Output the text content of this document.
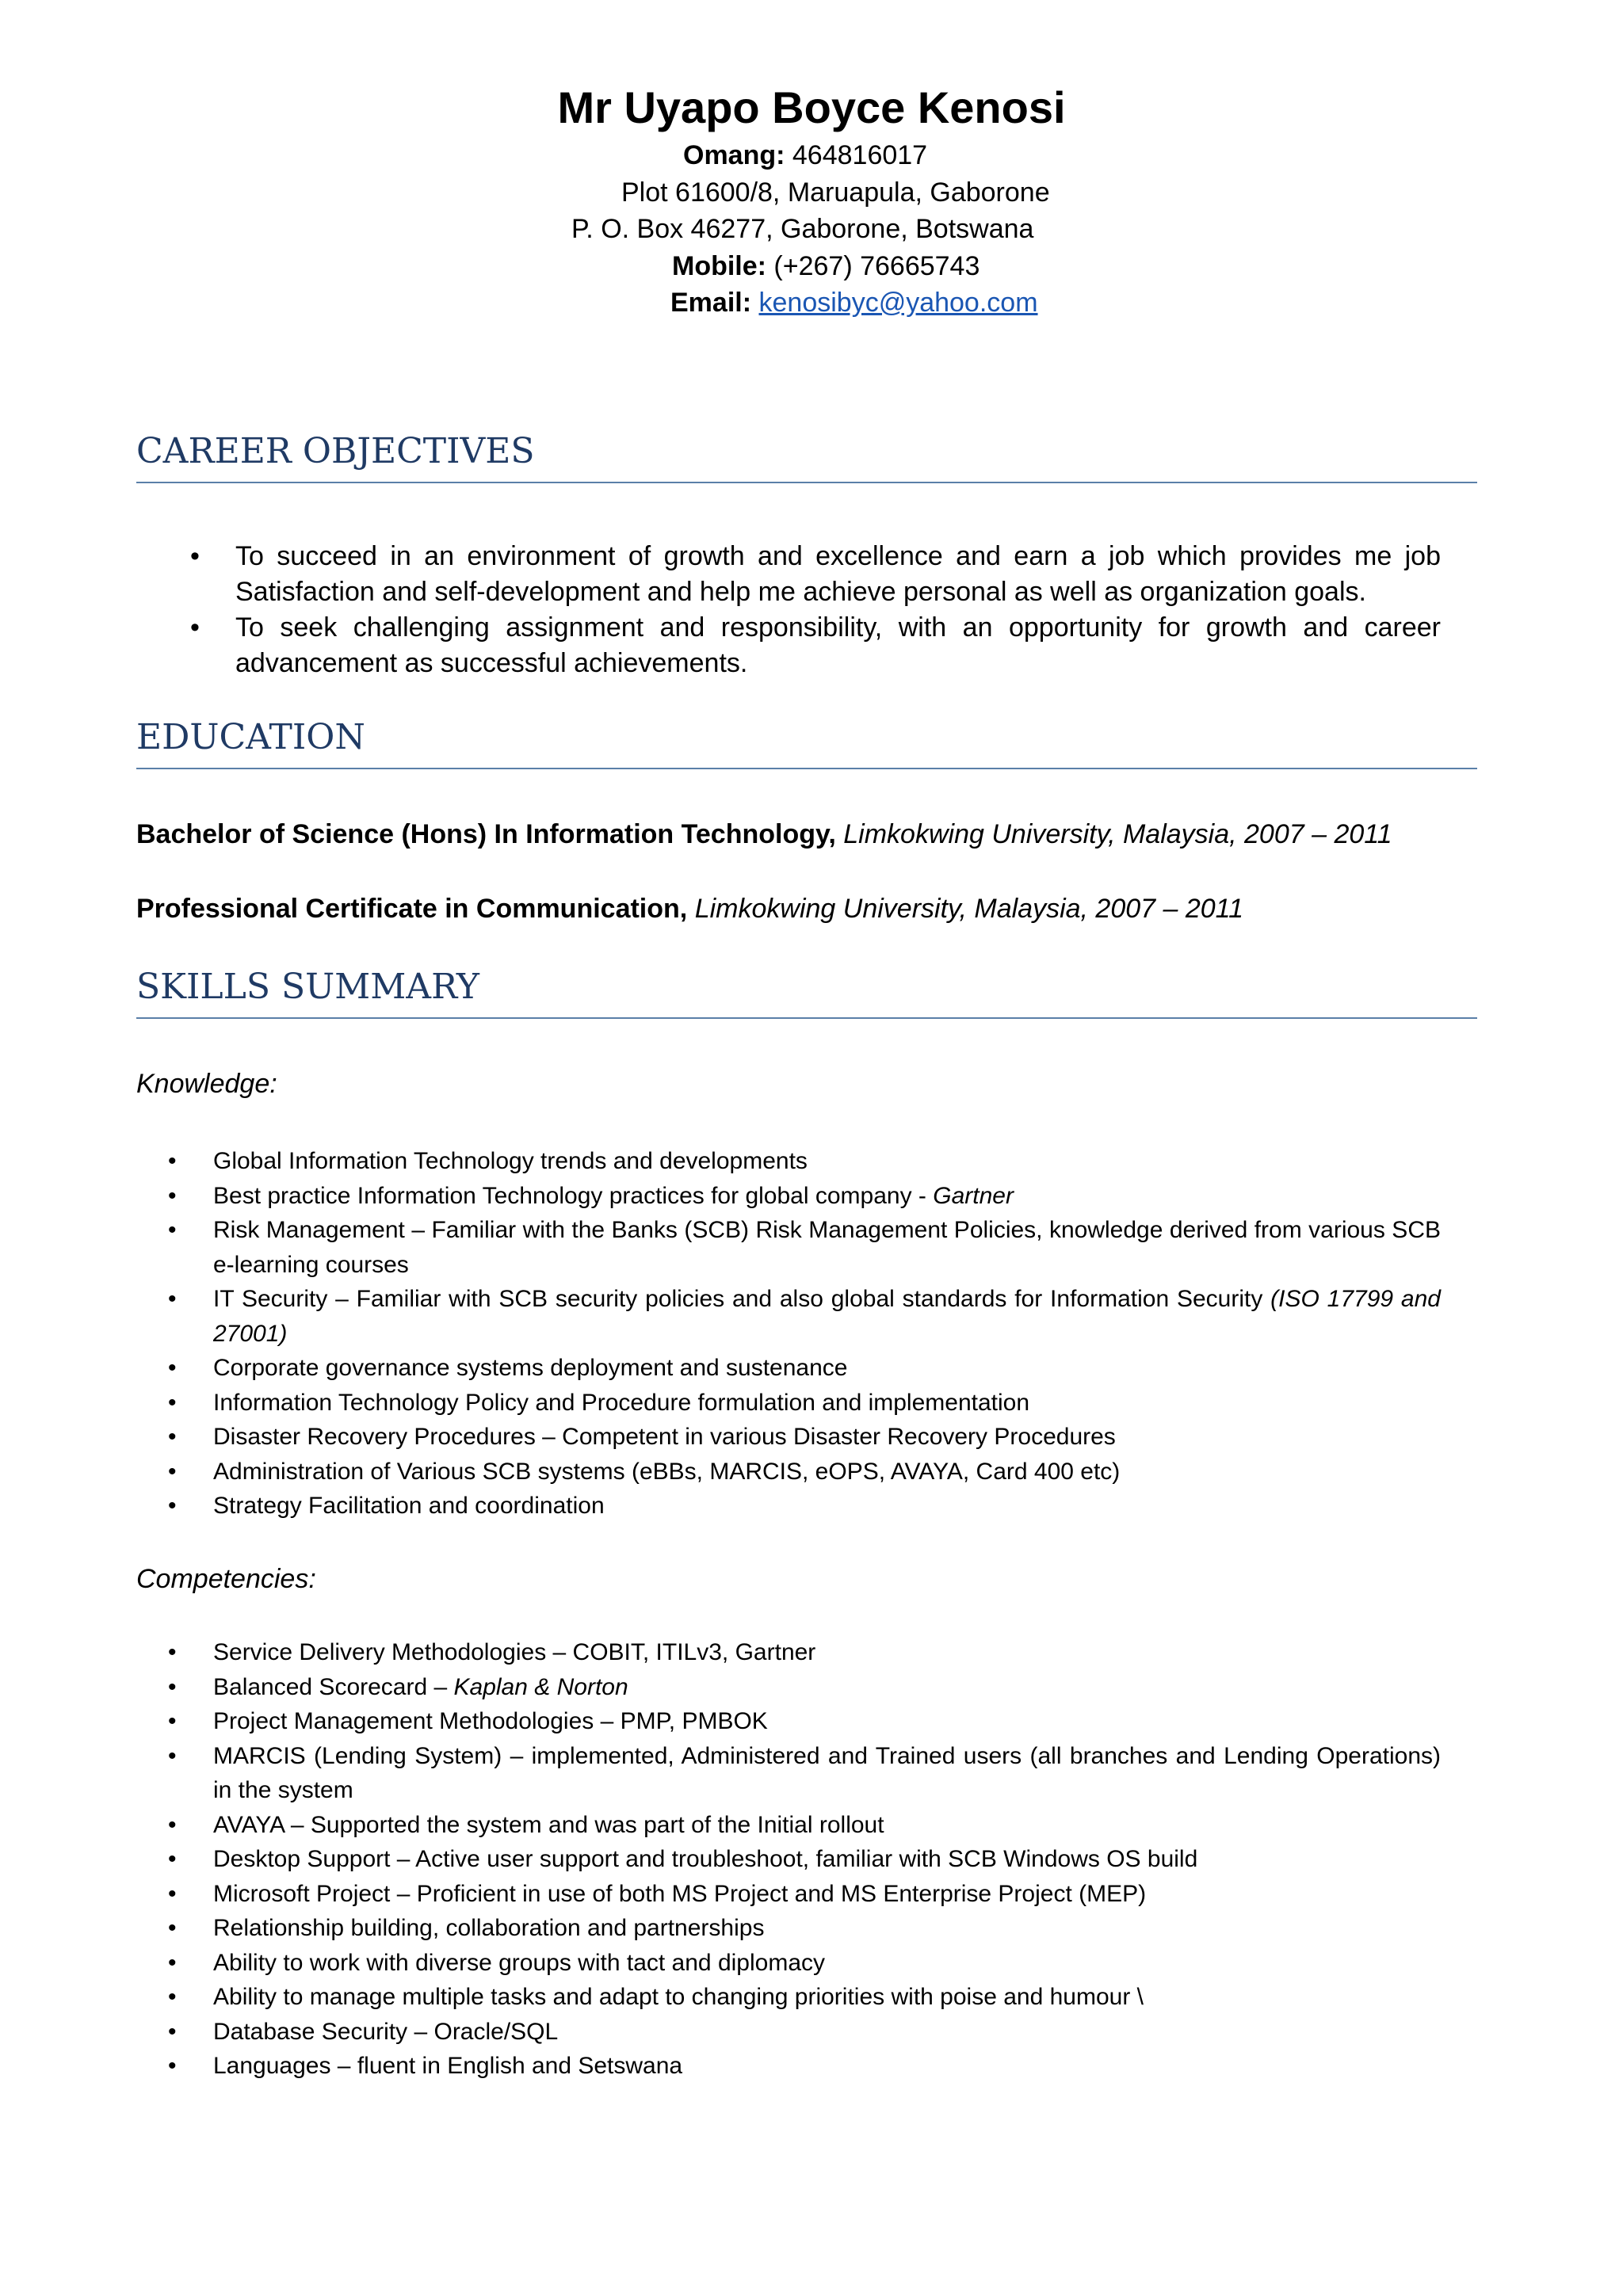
Mr Uyapo Boyce Kenosi
Omang: 464816017
Plot 61600/8, Maruapula, Gaborone
P. O. Box 46277, Gaborone, Botswana
Mobile: (+267) 76665743
Email: kenosibyc@yahoo.com
CAREER OBJECTIVES
• To succeed in an environment of growth and excellence and earn a job which provides me job Satisfaction and self-development and help me achieve personal as well as organization goals.
• To seek challenging assignment and responsibility, with an opportunity for growth and career advancement as successful achievements.
EDUCATION
Bachelor of Science (Hons) In Information Technology, Limkokwing University, Malaysia, 2007 – 2011
Professional Certificate in Communication, Limkokwing University, Malaysia, 2007 – 2011
SKILLS SUMMARY
Knowledge:
• Global Information Technology trends and developments
• Best practice Information Technology practices for global company - Gartner
• Risk Management – Familiar with the Banks (SCB) Risk Management Policies, knowledge derived from various SCB e-learning courses
• IT Security – Familiar with SCB security policies and also global standards for Information Security (ISO 17799 and 27001)
• Corporate governance systems deployment and sustenance
• Information Technology Policy and Procedure formulation and implementation
• Disaster Recovery Procedures – Competent in various Disaster Recovery Procedures
• Administration of Various SCB systems (eBBs, MARCIS, eOPS, AVAYA, Card 400 etc)
• Strategy Facilitation and coordination
Competencies:
• Service Delivery Methodologies – COBIT, ITILv3, Gartner
• Balanced Scorecard – Kaplan & Norton
• Project Management Methodologies – PMP, PMBOK
• MARCIS (Lending System) – implemented, Administered and Trained users (all branches and Lending Operations) in the system
• AVAYA – Supported the system and was part of the Initial rollout
• Desktop Support – Active user support and troubleshoot, familiar with SCB Windows OS build
• Microsoft Project – Proficient in use of both MS Project and MS Enterprise Project (MEP)
• Relationship building, collaboration and partnerships
• Ability to work with diverse groups with tact and diplomacy
• Ability to manage multiple tasks and adapt to changing priorities with poise and humour \
• Database Security – Oracle/SQL
• Languages – fluent in English and Setswana
